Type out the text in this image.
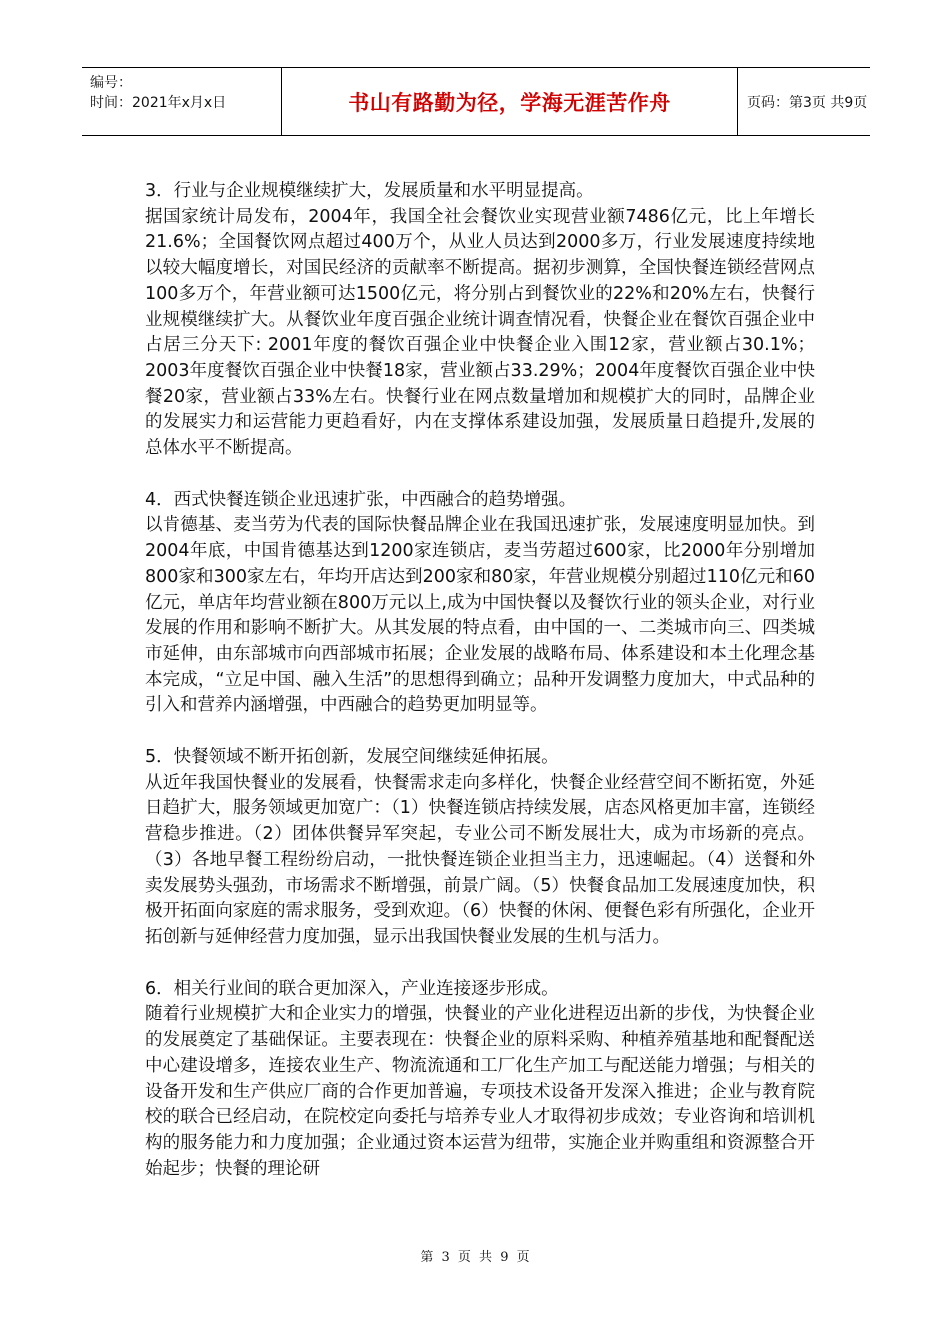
编号：
时间：2021年x月x日	书山有路勤为径，学海无涯苦作舟	页码：第3页 共9页

3．行业与企业规模继续扩大，发展质量和水平明显提高。

据国家统计局发布，2004年，我国全社会餐饮业实现营业额7486亿元，比上年增长21.6%；全国餐饮网点超过400万个，从业人员达到2000多万，行业发展速度持续地以较大幅度增长，对国民经济的贡献率不断提高。据初步测算，全国快餐连锁经营网点100多万个，年营业额可达1500亿元，将分别占到餐饮业的22%和20%左右，快餐行业规模继续扩大。从餐饮业年度百强企业统计调查情况看，快餐企业在餐饮百强企业中占居三分天下: 2001年度的餐饮百强企业中快餐企业入围12家，营业额占30.1%；2003年度餐饮百强企业中快餐18家，营业额占33.29%；2004年度餐饮百强企业中快餐20家，营业额占33%左右。快餐行业在网点数量增加和规模扩大的同时，品牌企业的发展实力和运营能力更趋看好，内在支撑体系建设加强，发展质量日趋提升,发展的总体水平不断提高。

4．西式快餐连锁企业迅速扩张，中西融合的趋势增强。

以肯德基、麦当劳为代表的国际快餐品牌企业在我国迅速扩张，发展速度明显加快。到2004年底，中国肯德基达到1200家连锁店，麦当劳超过600家，比2000年分别增加800家和300家左右，年均开店达到200家和80家，年营业规模分别超过110亿元和60亿元，单店年均营业额在800万元以上,成为中国快餐以及餐饮行业的领头企业，对行业发展的作用和影响不断扩大。从其发展的特点看，由中国的一、二类城市向三、四类城市延伸，由东部城市向西部城市拓展；企业发展的战略布局、体系建设和本土化理念基本完成，“立足中国、融入生活”的思想得到确立；品种开发调整力度加大，中式品种的引入和营养内涵增强，中西融合的趋势更加明显等。

5．快餐领域不断开拓创新，发展空间继续延伸拓展。

从近年我国快餐业的发展看，快餐需求走向多样化，快餐企业经营空间不断拓宽，外延日趋扩大，服务领域更加宽广：（1）快餐连锁店持续发展，店态风格更加丰富，连锁经营稳步推进。（2）团体供餐异军突起，专业公司不断发展壮大，成为市场新的亮点。（3）各地早餐工程纷纷启动，一批快餐连锁企业担当主力，迅速崛起。（4）送餐和外卖发展势头强劲，市场需求不断增强，前景广阔。（5）快餐食品加工发展速度加快，积极开拓面向家庭的需求服务，受到欢迎。（6）快餐的休闲、便餐色彩有所强化，企业开拓创新与延伸经营力度加强，显示出我国快餐业发展的生机与活力。

6．相关行业间的联合更加深入，产业连接逐步形成。

随着行业规模扩大和企业实力的增强，快餐业的产业化进程迈出新的步伐，为快餐企业的发展奠定了基础保证。主要表现在：快餐企业的原料采购、种植养殖基地和配餐配送中心建设增多，连接农业生产、物流流通和工厂化生产加工与配送能力增强；与相关的设备开发和生产供应厂商的合作更加普遍，专项技术设备开发深入推进；企业与教育院校的联合已经启动，在院校定向委托与培养专业人才取得初步成效；专业咨询和培训机构的服务能力和力度加强；企业通过资本运营为纽带，实施企业并购重组和资源整合开始起步；快餐的理论研

第 3 页 共 9 页
